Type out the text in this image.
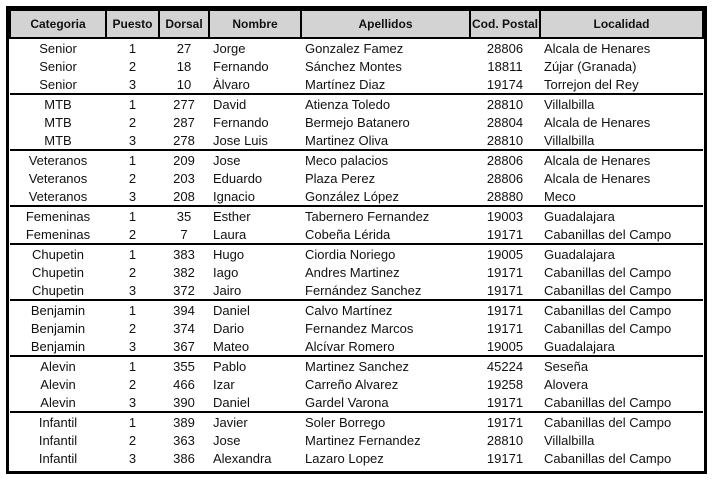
Categoria	Puesto	Dorsal	Nombre	Apellidos	Cod. Postal	Localidad
Senior	1	27	Jorge	Gonzalez Famez	28806	Alcala de Henares
Senior	2	18	Fernando	Sánchez Montes	18811	Zújar (Granada)
Senior	3	10	Àlvaro	Martínez Diaz	19174	Torrejon del Rey
MTB	1	277	David	Atienza Toledo	28810	Villalbilla
MTB	2	287	Fernando	Bermejo Batanero	28804	Alcala de Henares
MTB	3	278	Jose Luis	Martinez Oliva	28810	Villalbilla
Veteranos	1	209	Jose	Meco palacios	28806	Alcala de Henares
Veteranos	2	203	Eduardo	Plaza Perez	28806	Alcala de Henares
Veteranos	3	208	Ignacio	González López	28880	Meco
Femeninas	1	35	Esther	Tabernero Fernandez	19003	Guadalajara
Femeninas	2	7	Laura	Cobeña Lérida	19171	Cabanillas del Campo
Chupetin	1	383	Hugo	Ciordia Noriego	19005	Guadalajara
Chupetin	2	382	Iago	Andres Martinez	19171	Cabanillas del Campo
Chupetin	3	372	Jairo	Fernández Sanchez	19171	Cabanillas del Campo
Benjamin	1	394	Daniel	Calvo Martínez	19171	Cabanillas del Campo
Benjamin	2	374	Dario	Fernandez Marcos	19171	Cabanillas del Campo
Benjamin	3	367	Mateo	Alcívar Romero	19005	Guadalajara
Alevin	1	355	Pablo	Martinez Sanchez	45224	Seseña
Alevin	2	466	Izar	Carreño Alvarez	19258	Alovera
Alevin	3	390	Daniel	Gardel Varona	19171	Cabanillas del Campo
Infantil	1	389	Javier	Soler Borrego	19171	Cabanillas del Campo
Infantil	2	363	Jose	Martinez Fernandez	28810	Villalbilla
Infantil	3	386	Alexandra	Lazaro Lopez	19171	Cabanillas del Campo
